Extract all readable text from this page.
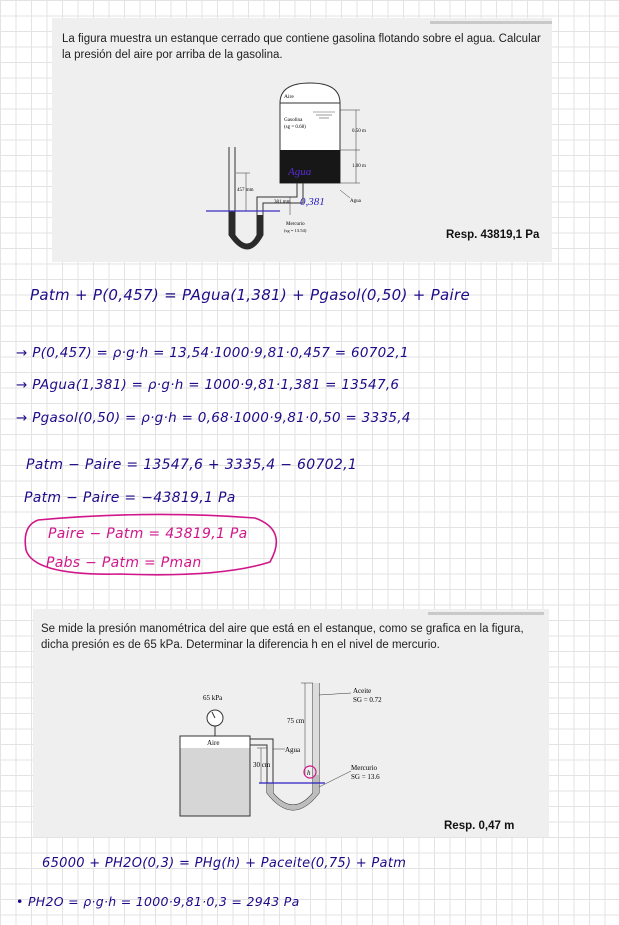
La figura muestra un estanque cerrado que contiene gasolina flotando sobre el agua. Calcular la presión del aire por arriba de la gasolina.
Resp. 43819,1 Pa
Aire
Gasolina
(sg = 0.68)
0.50 m
1.00 m
457 mm
381 mm	Agua
Mercurio
(sg = 13.54)
Agua
0,381
Patm + P(0,457) = PAgua(1,381) + Pgasol(0,50) + Paire
→ P(0,457) = ρ·g·h = 13,54·1000·9,81·0,457 = 60702,1
→ PAgua(1,381) = ρ·g·h = 1000·9,81·1,381 = 13547,6
→ Pgasol(0,50) = ρ·g·h = 0,68·1000·9,81·0,50 = 3335,4
Patm − Paire = 13547,6 + 3335,4 − 60702,1
Patm − Paire = −43819,1 Pa
Paire − Patm = 43819,1 Pa
Pabs − Patm = Pman
Se mide la presión manométrica del aire que está en el estanque, como se grafica en la figura, dicha presión es de 65 kPa. Determinar la diferencia h en el nivel de mercurio.
Resp. 0,47 m
65 kPa
Aire
Agua
75 cm
30 cm
h
Aceite
SG = 0.72
Mercurio
SG = 13.6
65000 + PH2O(0,3) = PHg(h) + Paceite(0,75) + Patm
• PH2O = ρ·g·h = 1000·9,81·0,3 = 2943 Pa
